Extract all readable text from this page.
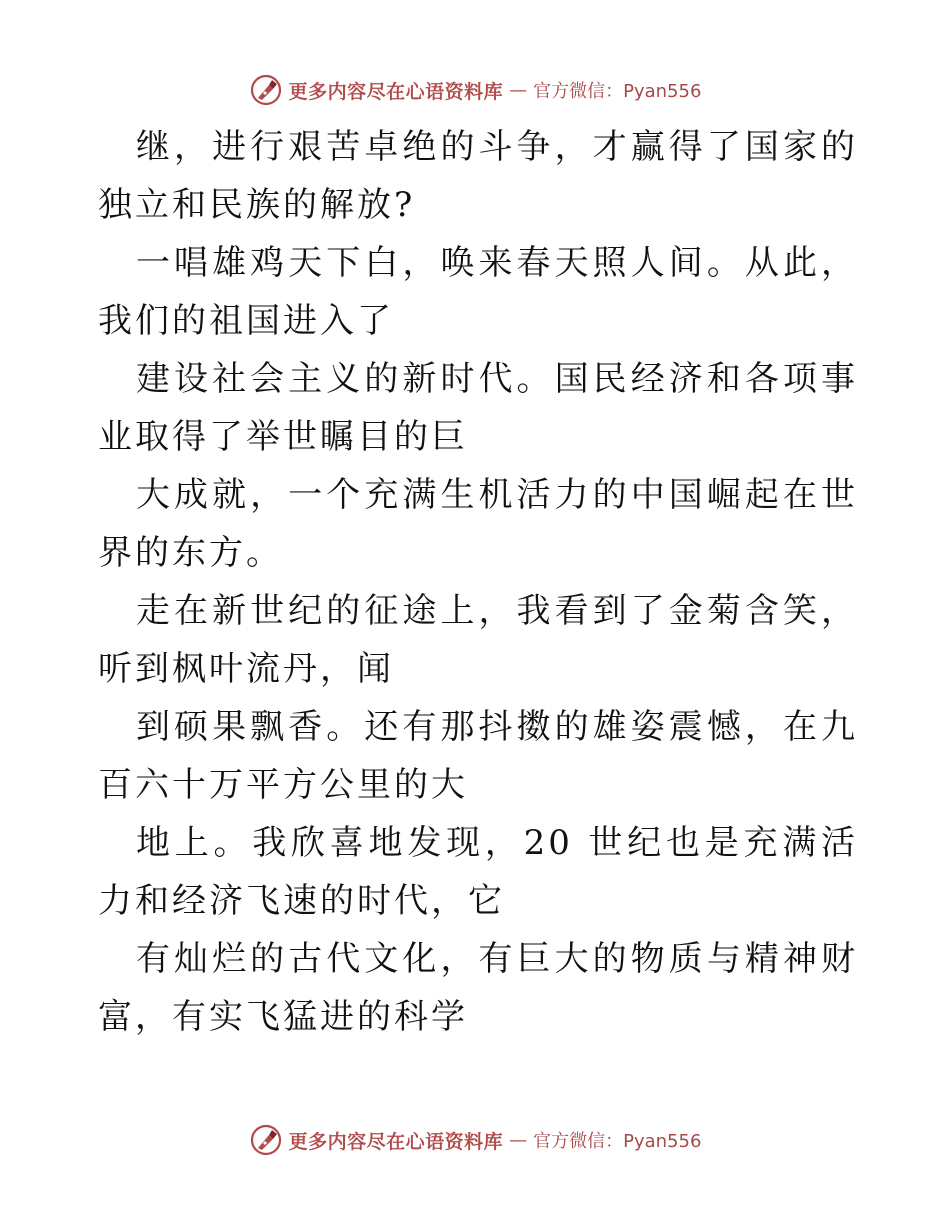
更多内容尽在心语资料库 — 官方微信：Pyan556

继，进行艰苦卓绝的斗争，才赢得了国家的独立和民族的解放?

一唱雄鸡天下白，唤来春天照人间。从此，我们的祖国进入了

建设社会主义的新时代。国民经济和各项事业取得了举世瞩目的巨

大成就，一个充满生机活力的中国崛起在世界的东方。

走在新世纪的征途上，我看到了金菊含笑，听到枫叶流丹，闻

到硕果飘香。还有那抖擞的雄姿震憾，在九百六十万平方公里的大

地上。我欣喜地发现，20 世纪也是充满活力和经济飞速的时代，它

有灿烂的古代文化，有巨大的物质与精神财富，有实飞猛进的科学

更多内容尽在心语资料库 — 官方微信：Pyan556
